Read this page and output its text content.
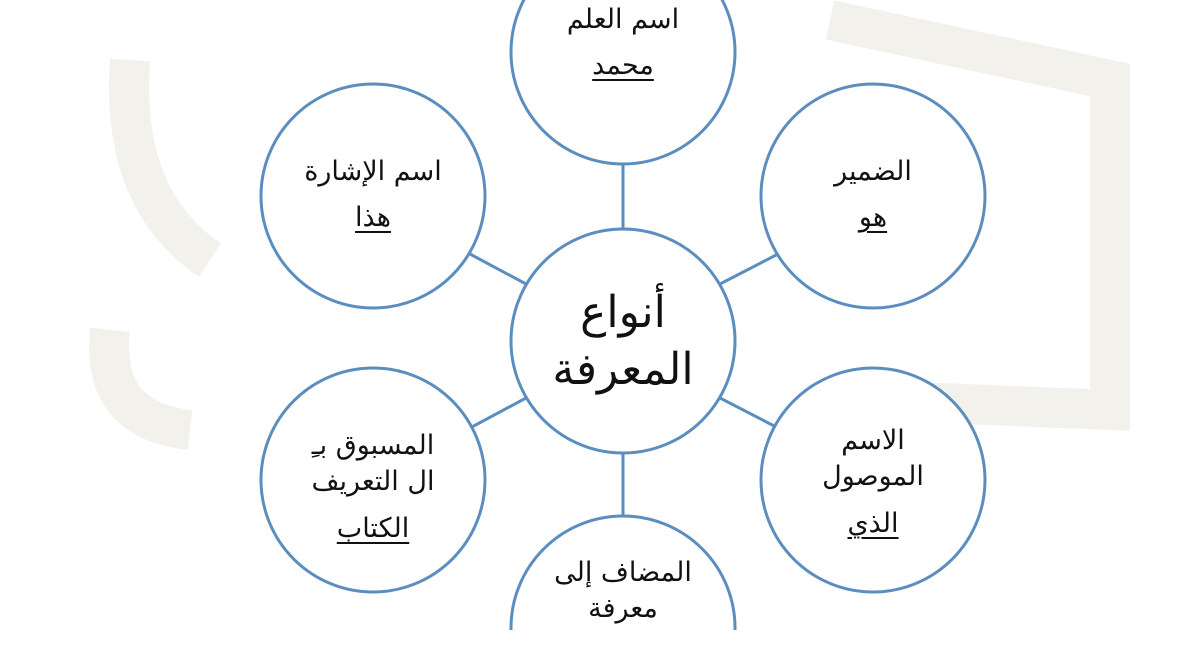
أنواع
المعرفة
اسم العلم
محمد
الضمير
هو
الاسم
الموصول
الذي
المضاف إلى
معرفة
المسبوق بـِ
ال التعريف
الكتاب
اسم الإشارة
هذا
